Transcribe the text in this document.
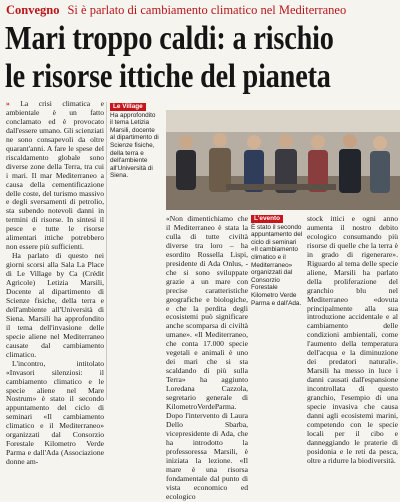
Convegno Si è parlato di cambiamento climatico nel Mediterraneo
Mari troppo caldi: a rischio
le risorse ittiche del pianeta

» La crisi climatica e ambientale è un fatto conclamato ed è provocato dall'essere umano. Gli scienziati ne sono consapevoli da oltre quarant'anni. A fare le spese del riscaldamento globale sono diverse zone della Terra, tra cui i mari. Il mar Mediterraneo a causa della cementificazione delle coste, del turismo massivo e degli sversamenti di petrolio, sta subendo notevoli danni in termini di risorse. In sintesi il pesce e tutte le risorse alimentari ittiche potrebbero non essere più sufficienti.

Ha parlato di questo nei giorni scorsi alla Sala La Place di Le Village by Ca (Crédit Agricole) Letizia Marsili, Docente al dipartimento di Scienze fisiche, della terra e dell'ambiente all'Università di Siena. Marsili ha approfondito il tema dell'invasione delle specie aliene nel Mediterraneo causate dal cambiamento climatico.

L'incontro, intitolato «Invasori silenziosi: il cambiamento climatico e le specie aliene nel Mare Nostrum» è stato il secondo appuntamento del ciclo di seminari «Il cambiamento climatico e il Mediterraneo» organizzati dal Consorzio Forestale Kilometro Verde Parma e dall'Ada (Associazione donne am-

Le Village
Ha approfondito il tema Letizia Marsili, docente al dipartimento di Scienze fisiche, della terra e dell'ambiente all'Università di Siena.

«Non dimentichiamo che il Mediterraneo è stata la culla di tutte civiltà diverse tra loro – ha esordito Rossella Lispi, presidente di Ada Onlus, - che si sono sviluppate grazie a un mare con precise caratteristiche geografiche e biologiche, e che la perdita degli ecosistemi può significare anche scomparsa di civiltà umane». «Il Mediterraneo, che conta 17.000 specie vegetali e animali è uno dei mari che si sta scaldando di più sulla Terra» ha aggiunto Loredana Cazzola, segretario generale di KilometroVerdeParma. Dopo l'intervento di Laura Dello Sbarba, vicepresidente di Ada, che ha introdotto la professoressa Marsili, è iniziata la lezione. «Il mare è una risorsa fondamentale dal punto di vista economico ed ecologico

L'evento
È stato il secondo appuntamento del ciclo di seminari «Il cambiamento climatico e il Mediterraneo» organizzati dal Consorzio Forestale Kilometro Verde Parma e dall'Ada.

stock ittici e ogni anno aumenta il nostro debito ecologico consumando più risorse di quelle che la terra è in grado di rigenerare». Riguardo al tema delle specie aliene, Marsili ha parlato della proliferazione del granchio blu nel Mediterraneo «dovuta principalmente alla sua introduzione accidentale e al cambiamento delle condizioni ambientali, come l'aumento della temperatura dell'acqua e la diminuzione dei predatori naturali». Marsili ha messo in luce i danni causati dall'espansione incontrollata di questo granchio, l'esempio di una specie invasiva che causa danni agli ecosistemi marini, competendo con le specie locali per il cibo e danneggiando le praterie di posidonia e le reti da pesca, oltre a ridurre la biodiversità.
